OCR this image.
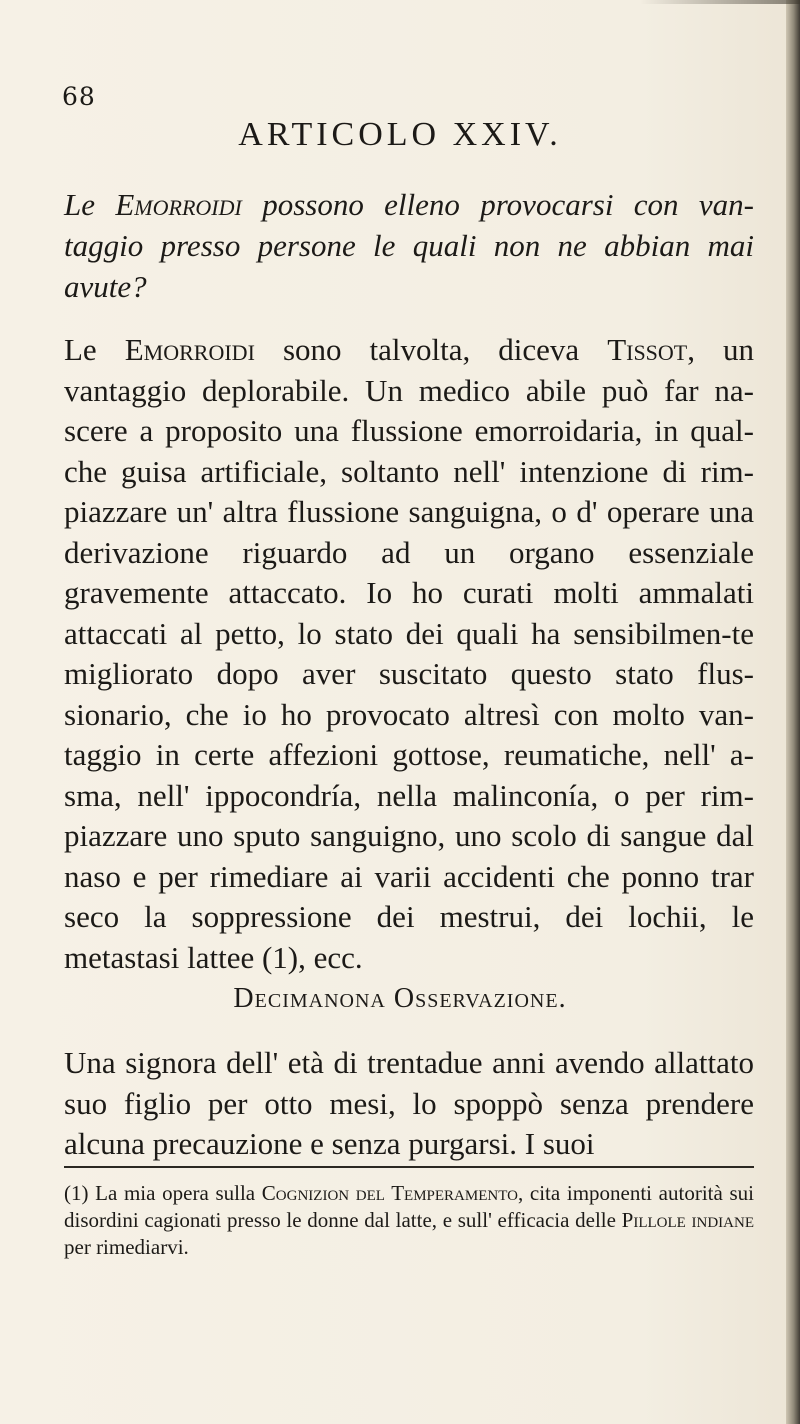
68
ARTICOLO XXIV.
Le Emorroidi possono elleno provocarsi con van-taggio presso persone le quali non ne abbian mai avute?
Le Emorroidi sono talvolta, diceva Tissot, un vantaggio deplorabile. Un medico abile può far na-scere a proposito una flussione emorroidaria, in qual-che guisa artificiale, soltanto nell' intenzione di rim-piazzare un' altra flussione sanguigna, o d' operare una derivazione riguardo ad un organo essenziale gravemente attaccato. Io ho curati molti ammalati attaccati al petto, lo stato dei quali ha sensibilmen-te migliorato dopo aver suscitato questo stato flus-sionario, che io ho provocato altresì con molto van-taggio in certe affezioni gottose, reumatiche, nell' a-sma, nell' ippocondría, nella malinconía, o per rim-piazzare uno sputo sanguigno, uno scolo di sangue dal naso e per rimediare ai varii accidenti che ponno trar seco la soppressione dei mestrui, dei lochii, le metastasi lattee (1), ecc.
Decimanona Osservazione.
Una signora dell' età di trentadue anni avendo allattato suo figlio per otto mesi, lo spoppò senza prendere alcuna precauzione e senza purgarsi. I suoi
(1) La mia opera sulla Cognizion del Temperamento, cita imponenti autorità sui disordini cagionati presso le donne dal latte, e sull' efficacia delle Pillole indiane per rimediarvi.
